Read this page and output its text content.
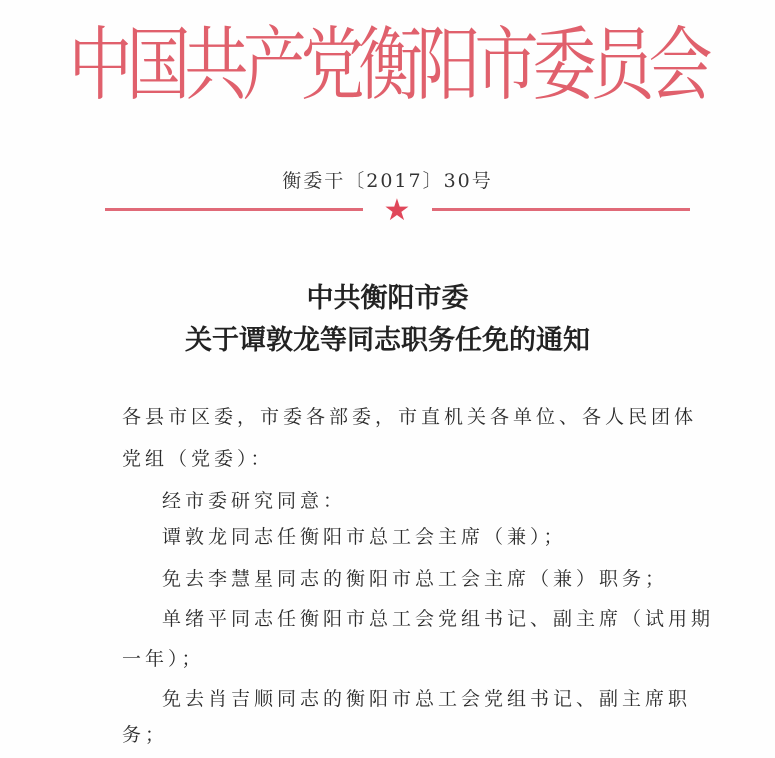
中国共产党衡阳市委员会
衡委干〔2017〕30号
★
中共衡阳市委
关于谭敦龙等同志职务任免的通知
各县市区委，市委各部委，市直机关各单位、各人民团体
党组（党委）：
经市委研究同意：
谭敦龙同志任衡阳市总工会主席（兼）；
免去李慧星同志的衡阳市总工会主席（兼）职务；
单绪平同志任衡阳市总工会党组书记、副主席（试用期
一年）；
免去肖吉顺同志的衡阳市总工会党组书记、副主席职
务；
